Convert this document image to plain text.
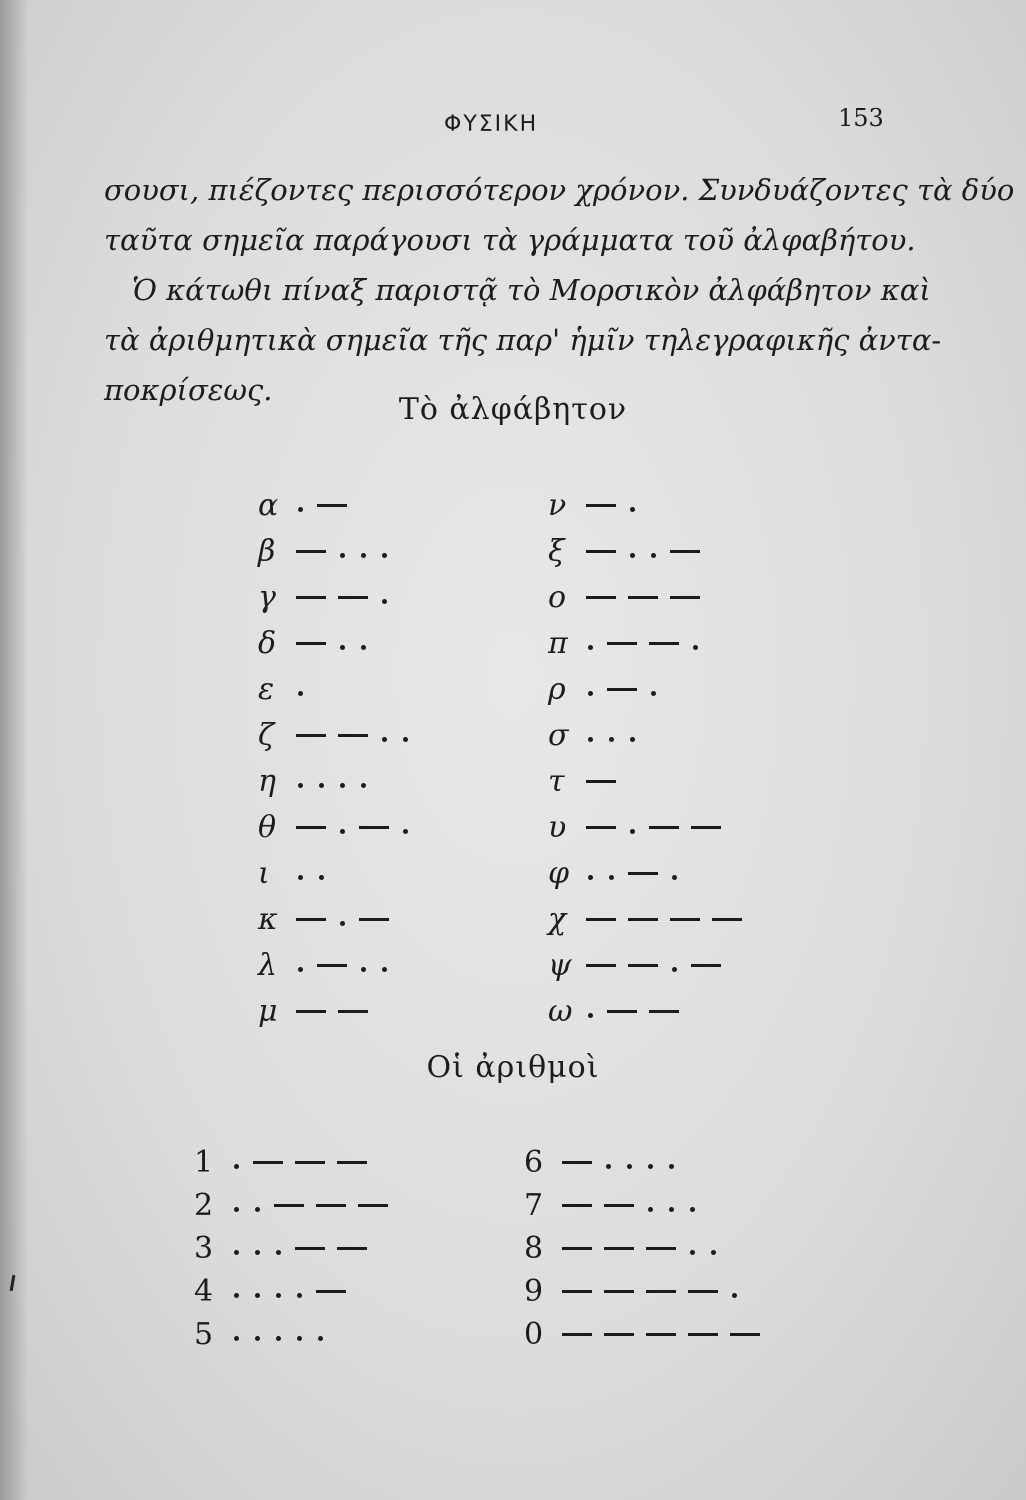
ΦΥΣΙΚΗ	153
σουσι, πιέζοντες περισσότερον χρόνον. Συνδυάζοντες τὰ δύο
ταῦτα σημεῖα παράγουσι τὰ γράμματα τοῦ ἀλφαβήτου.
Ὁ κάτωθι πίναξ παριστᾷ τὸ Μορσικὸν ἀλφάβητον καὶ
τὰ ἀριθμητικὰ σημεῖα τῆς παρ' ἡμῖν τηλεγραφικῆς ἀντα-
ποκρίσεως.
Τὸ ἀλφάβητον
α
β
γ
δ
ε
ζ
η
θ
ι
κ
λ
μ
ν
ξ
ο
π
ρ
σ
τ
υ
φ
χ
ψ
ω
Οἱ ἀριθμοὶ
1
2
3
4
5
6
7
8
9
0
